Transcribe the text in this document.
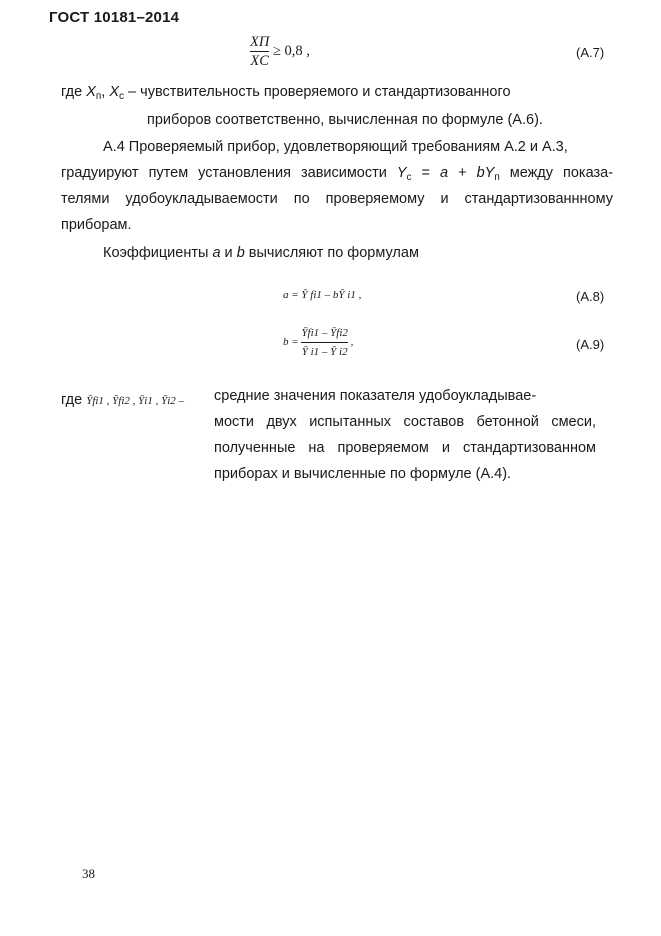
ГОСТ 10181–2014
$\frac{XП}{XС} \ge 0,8$ ,	(А.7)
где $X_п$, $X_с$ – чувствительность проверяемого и стандартизованного
приборов соответственно, вычисленная по формуле (А.6).
А.4 Проверяемый прибор, удовлетворяющий требованиям А.2 и А.3,
градуируют путем установления зависимости $Y_с = a + bY_п$ между показа-
телями удобоукладываемости по проверяемому и стандартизованнному
приборам.
Коэффициенты a и b вычисляют по формулам
a = Ȳ fi1 – bȲ i1 ,	(А.8)
$b = \frac{Ȳfi1 - Ȳfi2}{Ȳ i1 - Ȳ i2}$ ,	(А.9)
где Ȳfi1 , Ȳfi2 , Ȳi1 , Ȳi2 – средние значения показателя удобоукладывае-
мости двух испытанных составов бетонной смеси,
полученные на проверяемом и стандартизованном
приборах и вычисленные по формуле (А.4).
38
